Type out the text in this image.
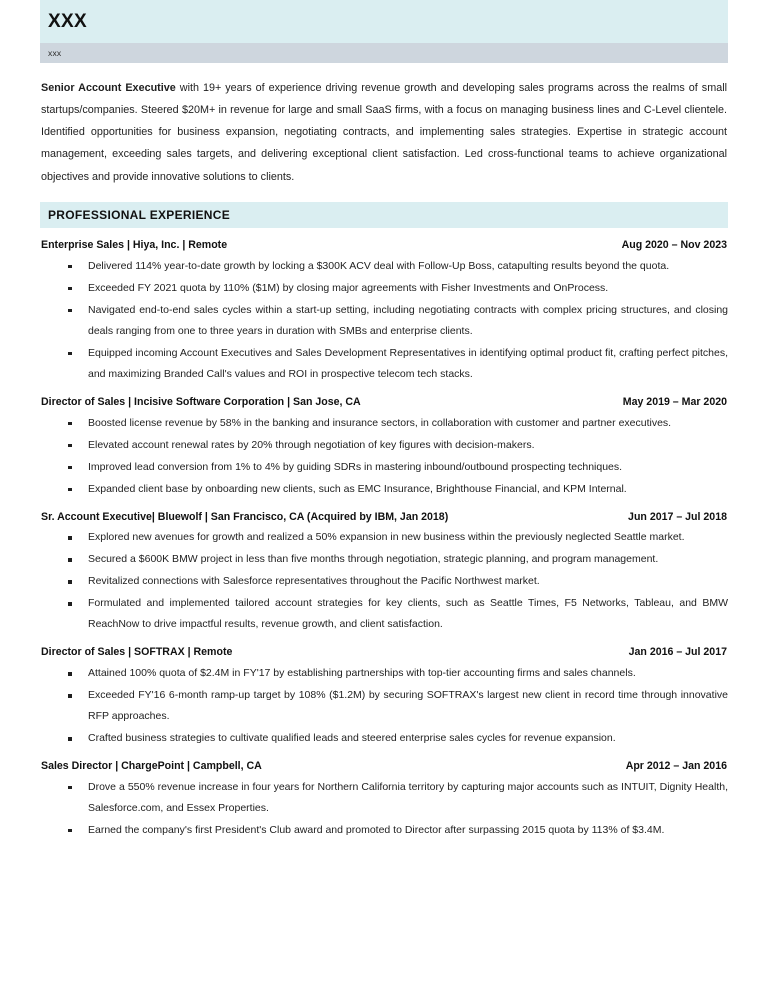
XXX
xxx
Senior Account Executive with 19+ years of experience driving revenue growth and developing sales programs across the realms of small startups/companies. Steered $20M+ in revenue for large and small SaaS firms, with a focus on managing business lines and C-Level clientele. Identified opportunities for business expansion, negotiating contracts, and implementing sales strategies. Expertise in strategic account management, exceeding sales targets, and delivering exceptional client satisfaction. Led cross-functional teams to achieve organizational objectives and provide innovative solutions to clients.
PROFESSIONAL EXPERIENCE
Enterprise Sales | Hiya, Inc. | Remote	Aug 2020 – Nov 2023
Delivered 114% year-to-date growth by locking a $300K ACV deal with Follow-Up Boss, catapulting results beyond the quota.
Exceeded FY 2021 quota by 110% ($1M) by closing major agreements with Fisher Investments and OnProcess.
Navigated end-to-end sales cycles within a start-up setting, including negotiating contracts with complex pricing structures, and closing deals ranging from one to three years in duration with SMBs and enterprise clients.
Equipped incoming Account Executives and Sales Development Representatives in identifying optimal product fit, crafting perfect pitches, and maximizing Branded Call's values and ROI in prospective telecom tech stacks.
Director of Sales | Incisive Software Corporation | San Jose, CA	May 2019 – Mar 2020
Boosted license revenue by 58% in the banking and insurance sectors, in collaboration with customer and partner executives.
Elevated account renewal rates by 20% through negotiation of key figures with decision-makers.
Improved lead conversion from 1% to 4% by guiding SDRs in mastering inbound/outbound prospecting techniques.
Expanded client base by onboarding new clients, such as EMC Insurance, Brighthouse Financial, and KPM Internal.
Sr. Account Executive| Bluewolf | San Francisco, CA (Acquired by IBM, Jan 2018)	Jun 2017 – Jul 2018
Explored new avenues for growth and realized a 50% expansion in new business within the previously neglected Seattle market.
Secured a $600K BMW project in less than five months through negotiation, strategic planning, and program management.
Revitalized connections with Salesforce representatives throughout the Pacific Northwest market.
Formulated and implemented tailored account strategies for key clients, such as Seattle Times, F5 Networks, Tableau, and BMW ReachNow to drive impactful results, revenue growth, and client satisfaction.
Director of Sales | SOFTRAX | Remote	Jan 2016 – Jul 2017
Attained 100% quota of $2.4M in FY'17 by establishing partnerships with top-tier accounting firms and sales channels.
Exceeded FY'16 6-month ramp-up target by 108% ($1.2M) by securing SOFTRAX's largest new client in record time through innovative RFP approaches.
Crafted business strategies to cultivate qualified leads and steered enterprise sales cycles for revenue expansion.
Sales Director | ChargePoint | Campbell, CA	Apr 2012 – Jan 2016
Drove a 550% revenue increase in four years for Northern California territory by capturing major accounts such as INTUIT, Dignity Health, Salesforce.com, and Essex Properties.
Earned the company's first President's Club award and promoted to Director after surpassing 2015 quota by 113% of $3.4M.
